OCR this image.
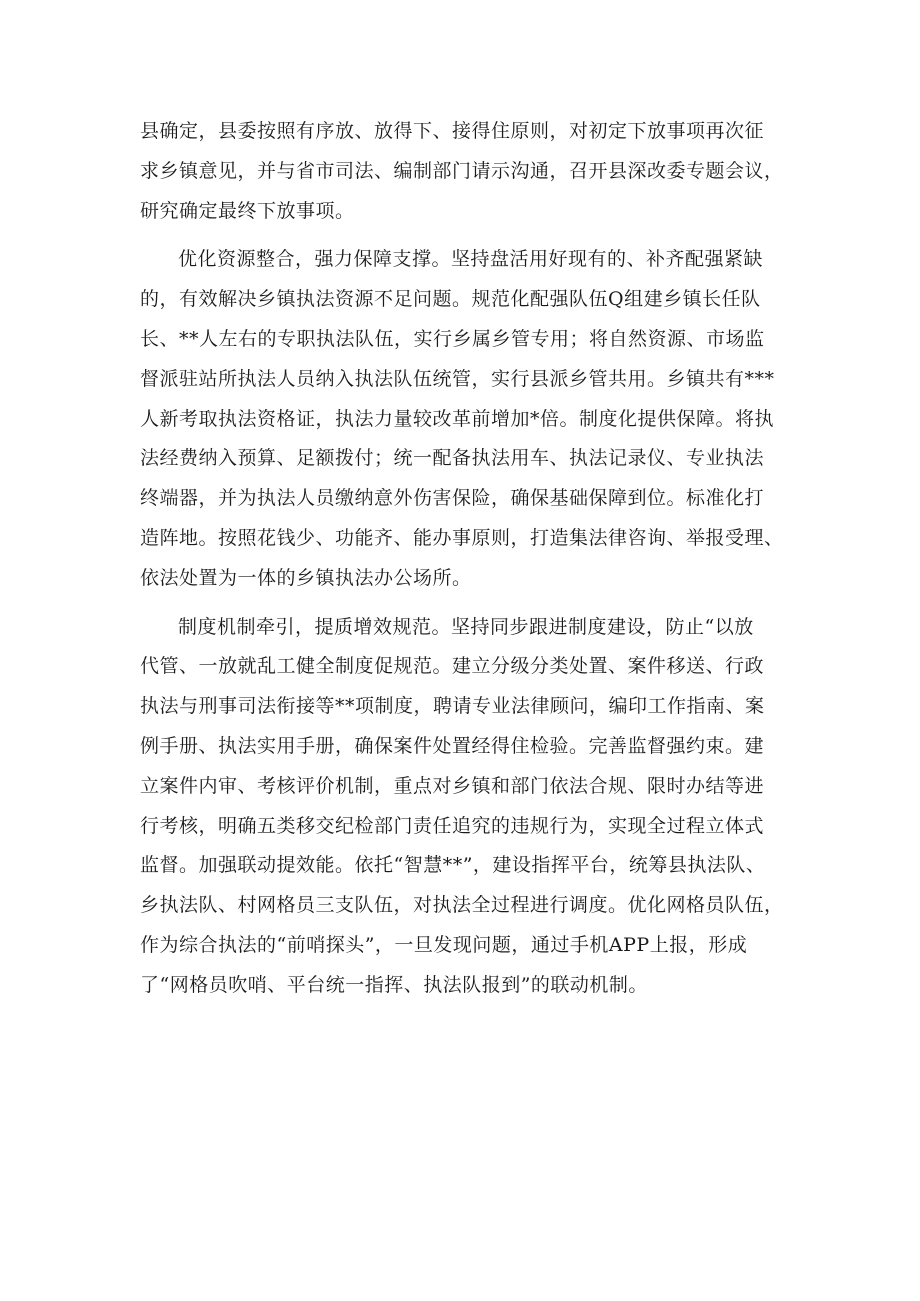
县确定，县委按照有序放、放得下、接得住原则，对初定下放事项再次征
求乡镇意见，并与省市司法、编制部门请示沟通，召开县深改委专题会议，
研究确定最终下放事项。

优化资源整合，强力保障支撑。坚持盘活用好现有的、补齐配强紧缺
的，有效解决乡镇执法资源不足问题。规范化配强队伍Q组建乡镇长任队
长、**人左右的专职执法队伍，实行乡属乡管专用；将自然资源、市场监
督派驻站所执法人员纳入执法队伍统管，实行县派乡管共用。乡镇共有***
人新考取执法资格证，执法力量较改革前增加*倍。制度化提供保障。将执
法经费纳入预算、足额拨付；统一配备执法用车、执法记录仪、专业执法
终端器，并为执法人员缴纳意外伤害保险，确保基础保障到位。标准化打
造阵地。按照花钱少、功能齐、能办事原则，打造集法律咨询、举报受理、
依法处置为一体的乡镇执法办公场所。

制度机制牵引，提质增效规范。坚持同步跟进制度建设，防止“以放
代管、一放就乱工健全制度促规范。建立分级分类处置、案件移送、行政
执法与刑事司法衔接等**项制度，聘请专业法律顾问，编印工作指南、案
例手册、执法实用手册，确保案件处置经得住检验。完善监督强约束。建
立案件内审、考核评价机制，重点对乡镇和部门依法合规、限时办结等进
行考核，明确五类移交纪检部门责任追究的违规行为，实现全过程立体式
监督。加强联动提效能。依托“智慧**”，建设指挥平台，统筹县执法队、
乡执法队、村网格员三支队伍，对执法全过程进行调度。优化网格员队伍，
作为综合执法的“前哨探头”，一旦发现问题，通过手机APP上报，形成
了“网格员吹哨、平台统一指挥、执法队报到”的联动机制。
